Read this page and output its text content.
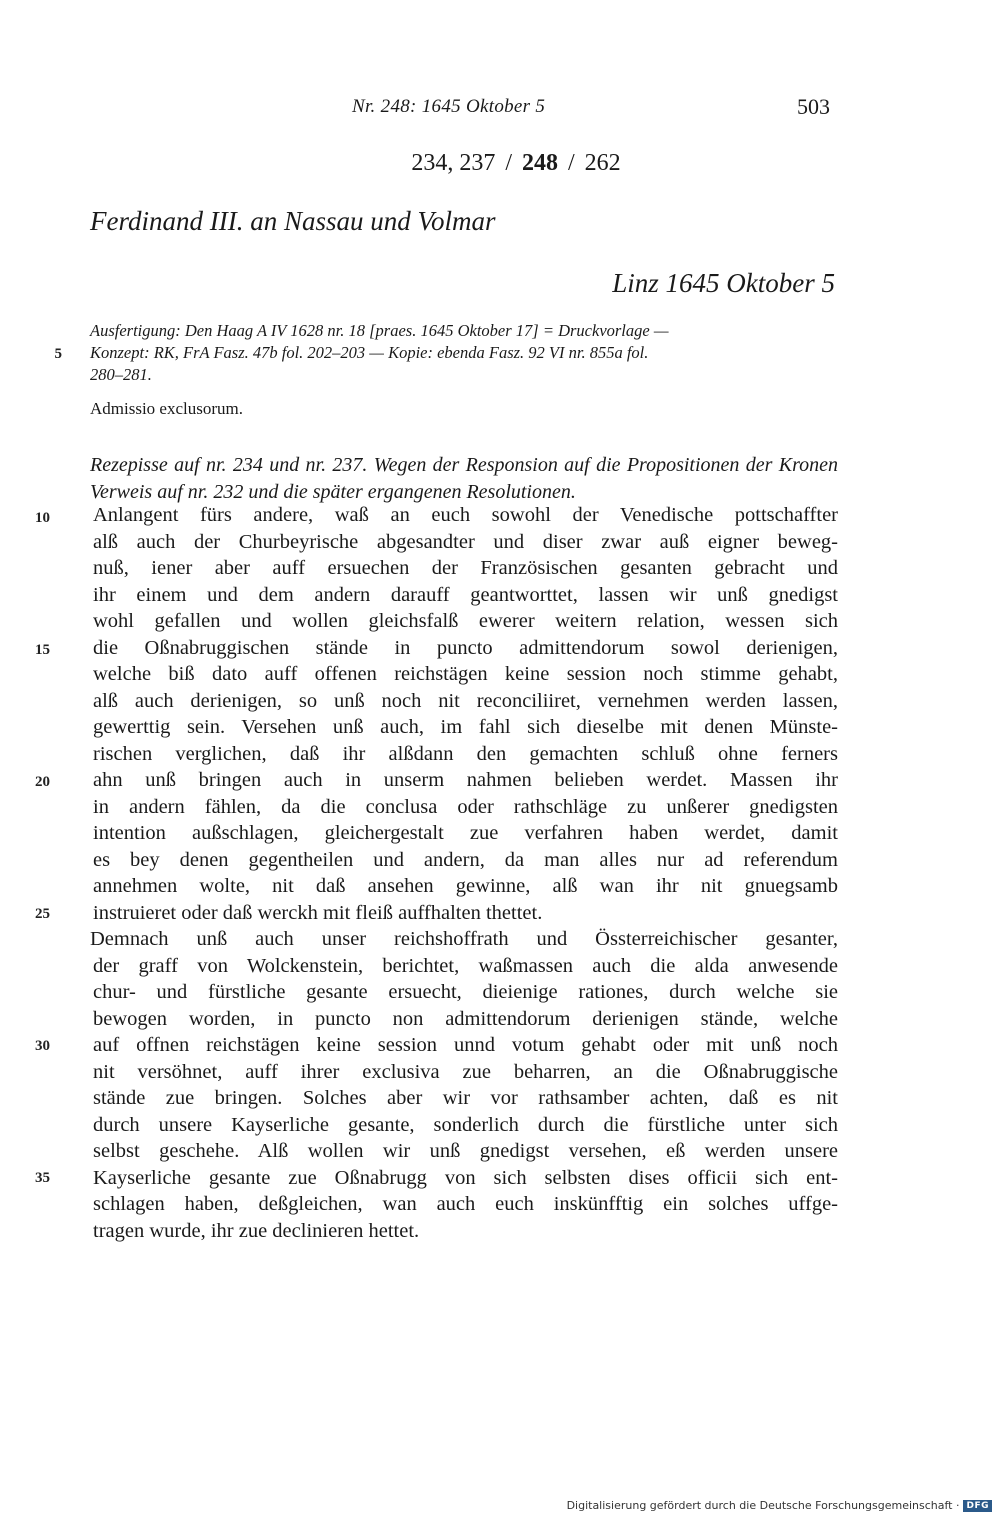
Nr. 248: 1645 Oktober 5	503
234, 237 / 248 / 262
Ferdinand III. an Nassau und Volmar
Linz 1645 Oktober 5
Ausfertigung: Den Haag A IV 1628 nr. 18 [praes. 1645 Oktober 17] = Druckvorlage —
Konzept: RK, FrA Fasz. 47b fol. 202–203 — Kopie: ebenda Fasz. 92 VI nr. 855a fol.
280–281.
5
Admissio exclusorum.
Rezepisse auf nr. 234 und nr. 237. Wegen der Responsion auf die Propositionen der Kronen Verweis auf nr. 232 und die später ergangenen Resolutionen.
10
15
20
25
30
35
Anlangent fürs andere, waß an euch sowohl der Venedische pottschaffter
alß auch der Churbeyrische abgesandter und diser zwar auß eigner beweg-
nuß, iener aber auff ersuechen der Französischen gesanten gebracht und
ihr einem und dem andern darauff geantworttet, lassen wir unß gnedigst
wohl gefallen und wollen gleichsfalß ewerer weitern relation, wessen sich
die Oßnabruggischen stände in puncto admittendorum sowol derienigen,
welche biß dato auff offenen reichstägen keine session noch stimme gehabt,
alß auch derienigen, so unß noch nit reconciliiret, vernehmen werden lassen,
gewerttig sein. Versehen unß auch, im fahl sich dieselbe mit denen Münste-
rischen verglichen, daß ihr alßdann den gemachten schluß ohne ferners
ahn unß bringen auch in unserm nahmen belieben werdet. Massen ihr
in andern fählen, da die conclusa oder rathschläge zu unßerer gnedigsten
intention außschlagen, gleichergestalt zue verfahren haben werdet, damit
es bey denen gegentheilen und andern, da man alles nur ad referendum
annehmen wolte, nit daß ansehen gewinne, alß wan ihr nit gnuegsamb
instruieret oder daß werckh mit fleiß auffhalten thettet.
Demnach unß auch unser reichshoffrath und Össterreichischer gesanter,
der graff von Wolckenstein, berichtet, waßmassen auch die alda anwesende
chur- und fürstliche gesante ersuecht, dieienige rationes, durch welche sie
bewogen worden, in puncto non admittendorum derienigen stände, welche
auf offnen reichstägen keine session unnd votum gehabt oder mit unß noch
nit versöhnet, auff ihrer exclusiva zue beharren, an die Oßnabruggische
stände zue bringen. Solches aber wir vor rathsamber achten, daß es nit
durch unsere Kayserliche gesante, sonderlich durch die fürstliche unter sich
selbst geschehe. Alß wollen wir unß gnedigst versehen, eß werden unsere
Kayserliche gesante zue Oßnabrugg von sich selbsten dises officii sich ent-
schlagen haben, deßgleichen, wan auch euch inskünfftig ein solches uffge-
tragen wurde, ihr zue declinieren hettet.
Digitalisierung gefördert durch die Deutsche Forschungsgemeinschaft · DFG
